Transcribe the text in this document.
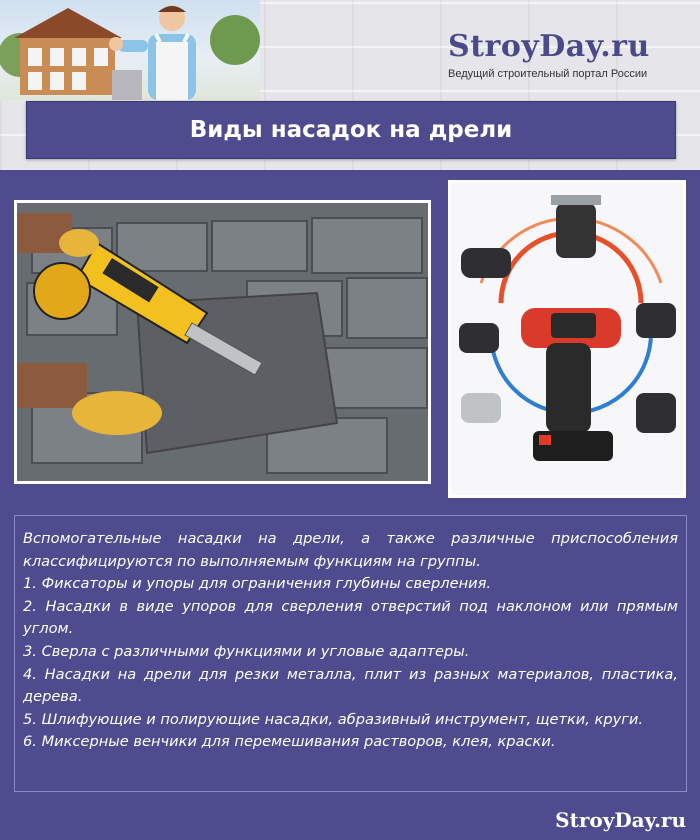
StroyDay.ru
Ведущий строительный портал России
Виды насадок на дрели

Вспомогательные насадки на дрели, а также различные приспособления классифицируются по выполняемым функциям на группы.

1. Фиксаторы и упоры для ограничения глубины сверления.

2. Насадки в виде упоров для сверления отверстий под наклоном или прямым углом.

3. Сверла с различными функциями и угловые адаптеры.

4. Насадки на дрели для резки металла, плит из разных материалов, пластика, дерева.

5. Шлифующие и полирующие насадки, абразивный инструмент, щетки, круги.

6. Миксерные венчики для перемешивания растворов, клея, краски.

StroyDay.ru
